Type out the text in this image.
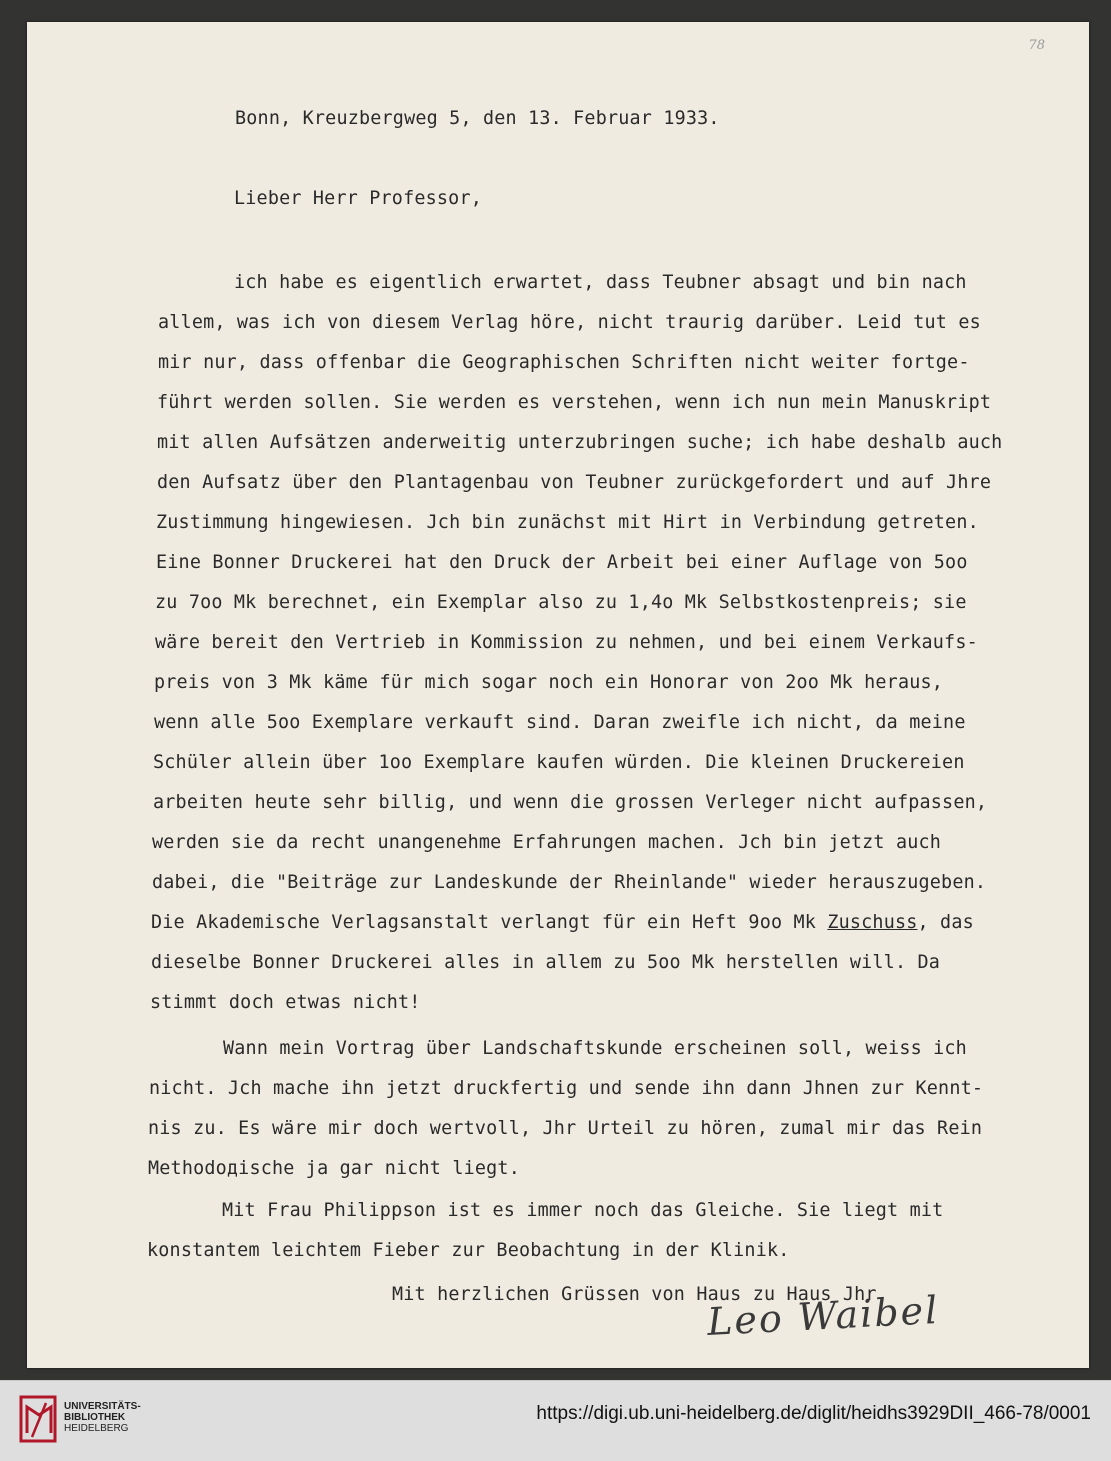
78
Bonn, Kreuzbergweg 5, den 13. Februar 1933.
Lieber Herr Professor,
ich habe es eigentlich erwartet, dass Teubner absagt und bin nach
allem, was ich von diesem Verlag höre, nicht traurig darüber. Leid tut es
mir nur, dass offenbar die Geographischen Schriften nicht weiter fortge-
führt werden sollen. Sie werden es verstehen, wenn ich nun mein Manuskript
mit allen Aufsätzen anderweitig unterzubringen suche; ich habe deshalb auch
den Aufsatz über den Plantagenbau von Teubner zurückgefordert und auf Jhre
Zustimmung hingewiesen. Jch bin zunächst mit Hirt in Verbindung getreten.
Eine Bonner Druckerei hat den Druck der Arbeit bei einer Auflage von 5oo
zu 7oo Mk berechnet, ein Exemplar also zu 1,4o Mk Selbstkostenpreis; sie
wäre bereit den Vertrieb in Kommission zu nehmen, und bei einem Verkaufs-
preis von 3 Mk käme für mich sogar noch ein Honorar von 2oo Mk heraus,
wenn alle 5oo Exemplare verkauft sind. Daran zweifle ich nicht, da meine
Schüler allein über 1oo Exemplare kaufen würden. Die kleinen Druckereien
arbeiten heute sehr billig, und wenn die grossen Verleger nicht aufpassen,
werden sie da recht unangenehme Erfahrungen machen. Jch bin jetzt auch
dabei, die "Beiträge zur Landeskunde der Rheinlande" wieder herauszugeben.
Die Akademische Verlagsanstalt verlangt für ein Heft 9oo Mk Zuschuss, das
dieselbe Bonner Druckerei alles in allem zu 5oo Mk herstellen will. Da
stimmt doch etwas nicht!
Wann mein Vortrag über Landschaftskunde erscheinen soll, weiss ich
nicht. Jch mache ihn jetzt druckfertig und sende ihn dann Jhnen zur Kennt-
nis zu. Es wäre mir doch wertvoll, Jhr Urteil zu hören, zumal mir das Rein
Methodoдische ja gar nicht liegt.
Mit Frau Philippson ist es immer noch das Gleiche. Sie liegt mit
konstantem leichtem Fieber zur Beobachtung in der Klinik.
Mit herzlichen Grüssen von Haus zu Haus Jhr
Leo Waibel
UNIVERSITÄTS-
BIBLIOTHEK
HEIDELBERG
https://digi.ub.uni-heidelberg.de/diglit/heidhs3929DII_466-78/0001
